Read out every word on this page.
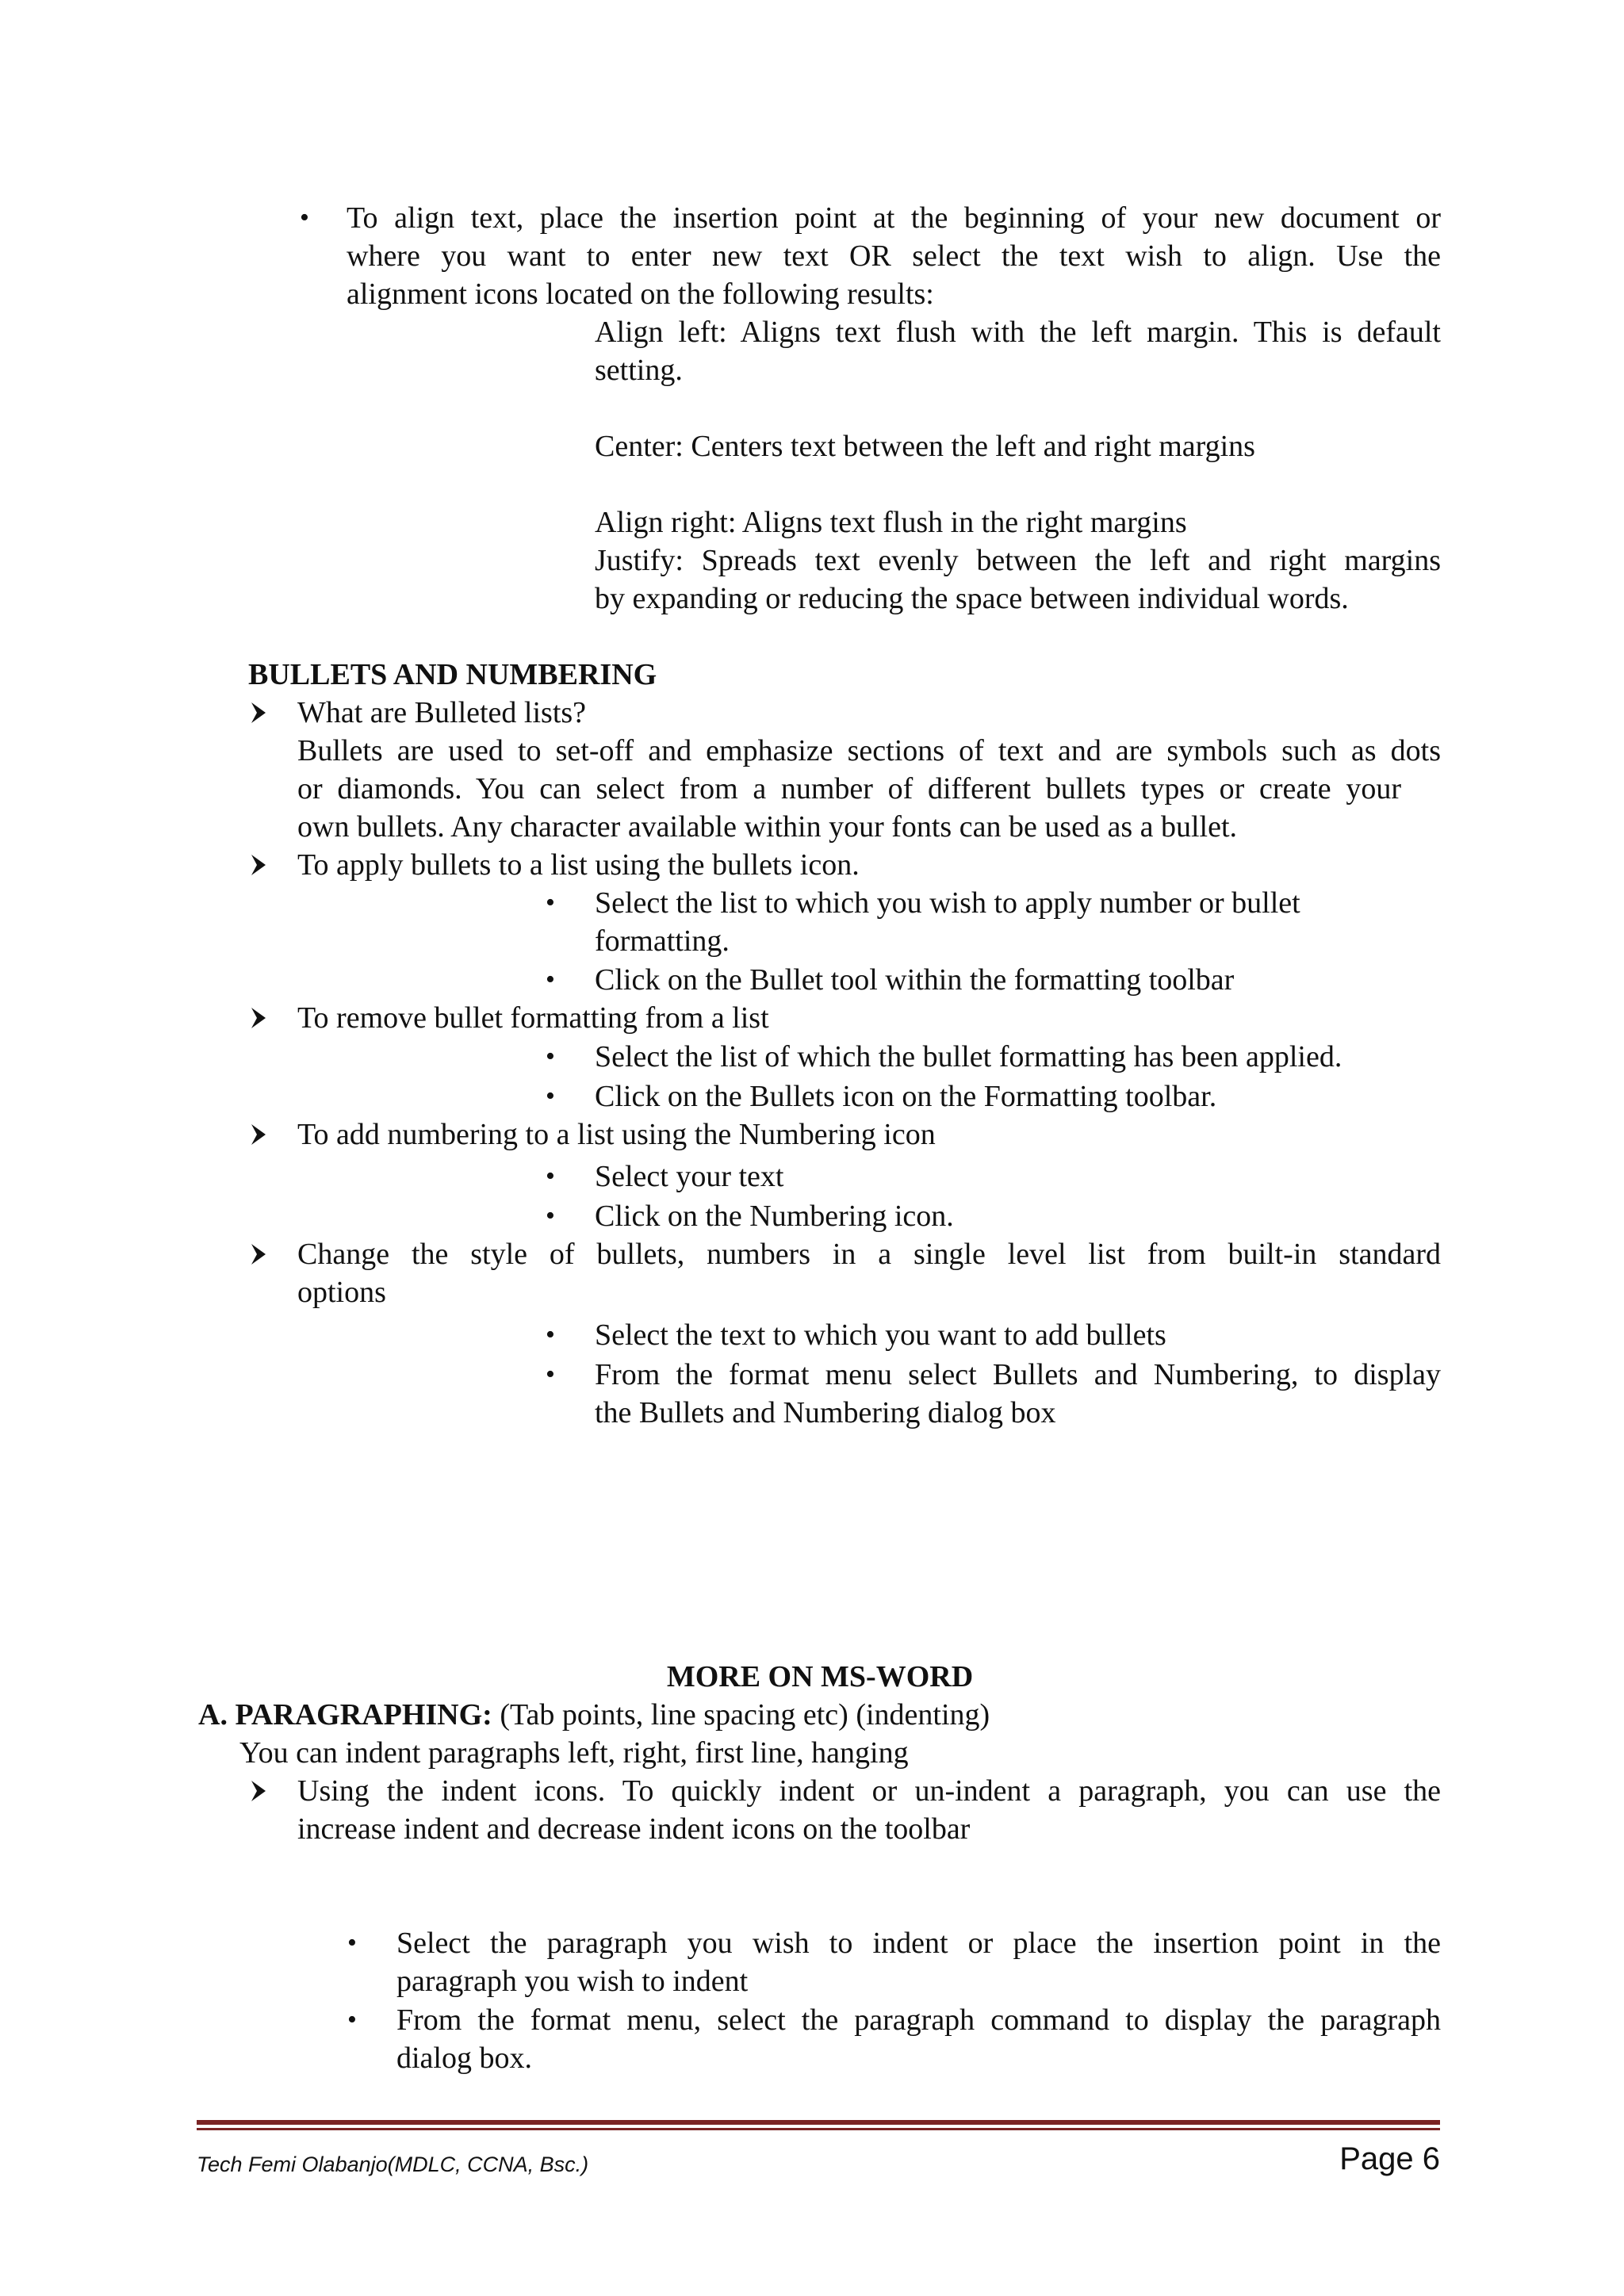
• To align text, place the insertion point at the beginning of your new document or
where you want to enter new text OR select the text wish to align. Use the
alignment icons located on the following results:
Align left: Aligns text flush with the left margin. This is default
setting.
Center: Centers text between the left and right margins
Align right: Aligns text flush in the right margins
Justify: Spreads text evenly between the left and right margins
by expanding or reducing the space between individual words.
BULLETS AND NUMBERING
What are Bulleted lists?
Bullets are used to set-off and emphasize sections of text and are symbols such as dots
or diamonds. You can select from a number of different bullets types or create your
own bullets. Any character available within your fonts can be used as a bullet.
To apply bullets to a list using the bullets icon.
• Select the list to which you wish to apply number or bullet
formatting.
• Click on the Bullet tool within the formatting toolbar
To remove bullet formatting from a list
• Select the list of which the bullet formatting has been applied.
• Click on the Bullets icon on the Formatting toolbar.
To add numbering to a list using the Numbering icon
• Select your text
• Click on the Numbering icon.
Change the style of bullets, numbers in a single level list from built-in standard
options
• Select the text to which you want to add bullets
• From the format menu select Bullets and Numbering, to display
the Bullets and Numbering dialog box
MORE ON MS-WORD
A. PARAGRAPHING: (Tab points, line spacing etc) (indenting)
You can indent paragraphs left, right, first line, hanging
Using the indent icons. To quickly indent or un-indent a paragraph, you can use the
increase indent and decrease indent icons on the toolbar
• Select the paragraph you wish to indent or place the insertion point in the
paragraph you wish to indent
• From the format menu, select the paragraph command to display the paragraph
dialog box.
Tech Femi Olabanjo(MDLC, CCNA, Bsc.)	Page 6
